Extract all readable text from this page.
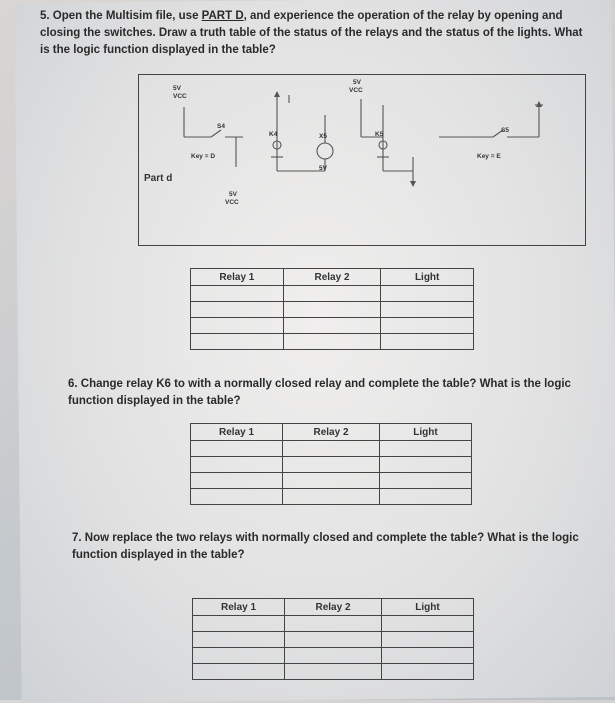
5. Open the Multisim file, use PART D, and experience the operation of the relay by opening and closing the switches. Draw a truth table of the status of the relays and the status of the lights. What is the logic function displayed in the table?
5V
VCC
5V
VCC
S4
Key = D
K4	X5
5V
K5
S5
Key = E
5V
VCC
Part d
Relay 1	Relay 2	Light

6. Change relay K6 to with a normally closed relay and complete the table? What is the logic function displayed in the table?
Relay 1	Relay 2	Light

7. Now replace the two relays with normally closed and complete the table? What is the logic function displayed in the table?
Relay 1	Relay 2	Light
